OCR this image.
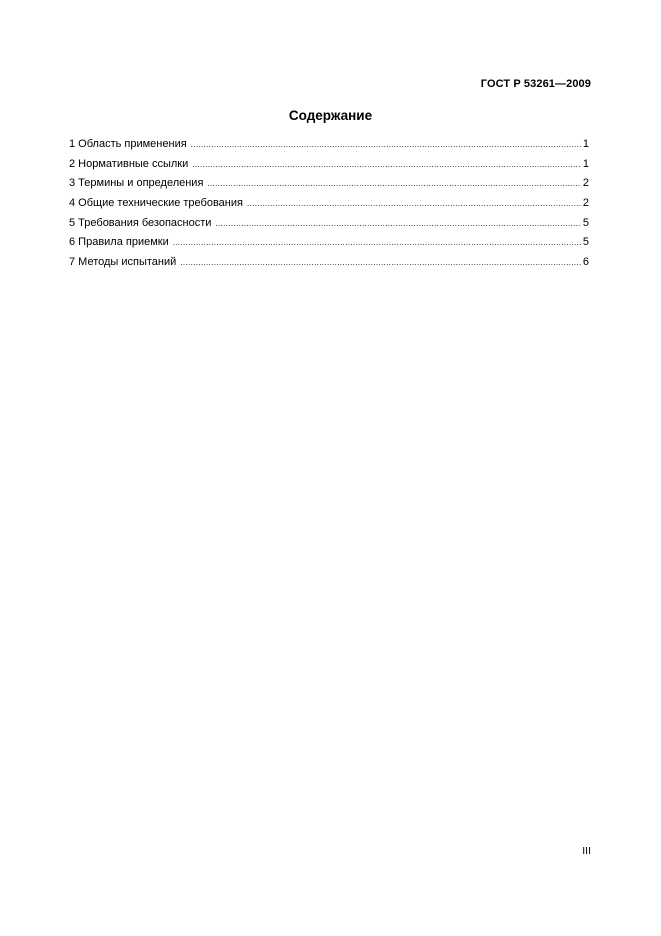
ГОСТ Р 53261—2009
Содержание
1 Область применения .....	1
2 Нормативные ссылки .....	1
3 Термины и определения .....	2
4 Общие технические требования .....	2
5 Требования безопасности .....	5
6 Правила приемки .....	5
7 Методы испытаний .....	6
III
